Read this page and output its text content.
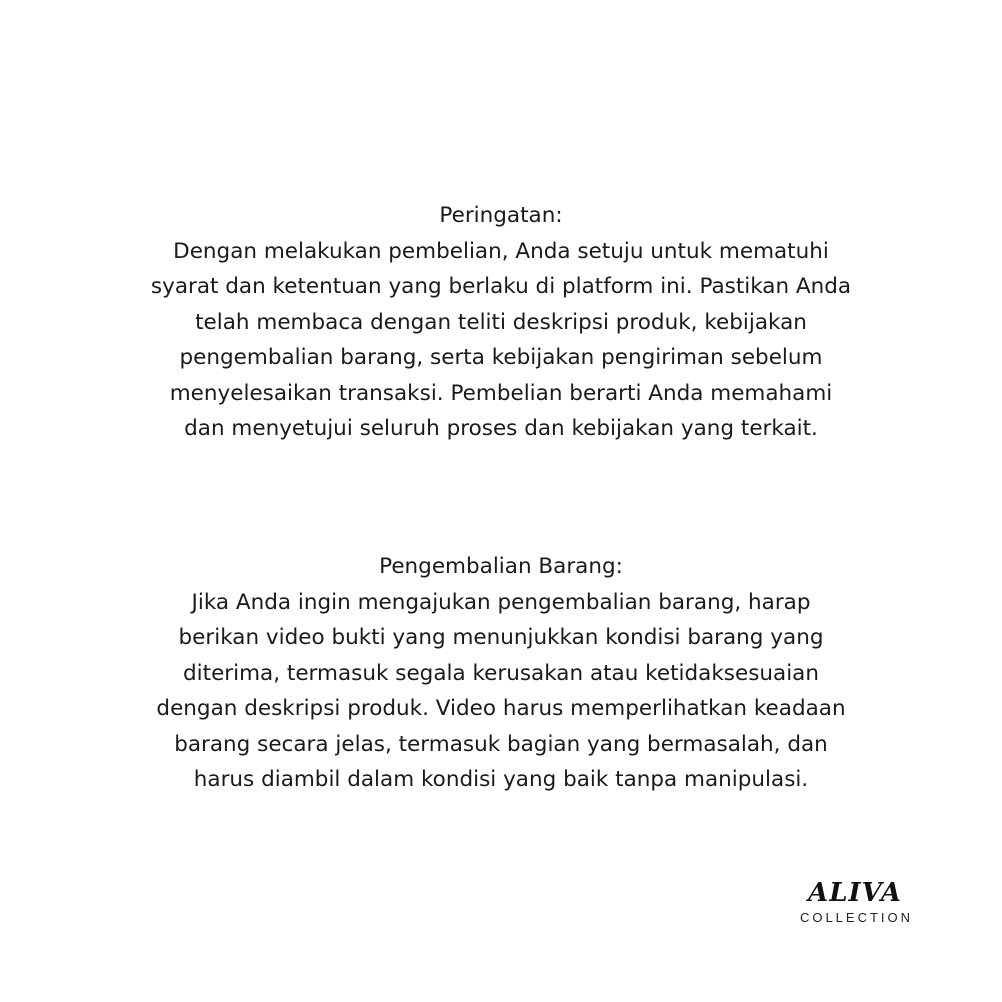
Peringatan:
Dengan melakukan pembelian, Anda setuju untuk mematuhi
syarat dan ketentuan yang berlaku di platform ini. Pastikan Anda
telah membaca dengan teliti deskripsi produk, kebijakan
pengembalian barang, serta kebijakan pengiriman sebelum
menyelesaikan transaksi. Pembelian berarti Anda memahami
dan menyetujui seluruh proses dan kebijakan yang terkait.
Pengembalian Barang:
Jika Anda ingin mengajukan pengembalian barang, harap
berikan video bukti yang menunjukkan kondisi barang yang
diterima, termasuk segala kerusakan atau ketidaksesuaian
dengan deskripsi produk. Video harus memperlihatkan keadaan
barang secara jelas, termasuk bagian yang bermasalah, dan
harus diambil dalam kondisi yang baik tanpa manipulasi.
ALIVA
COLLECTION
